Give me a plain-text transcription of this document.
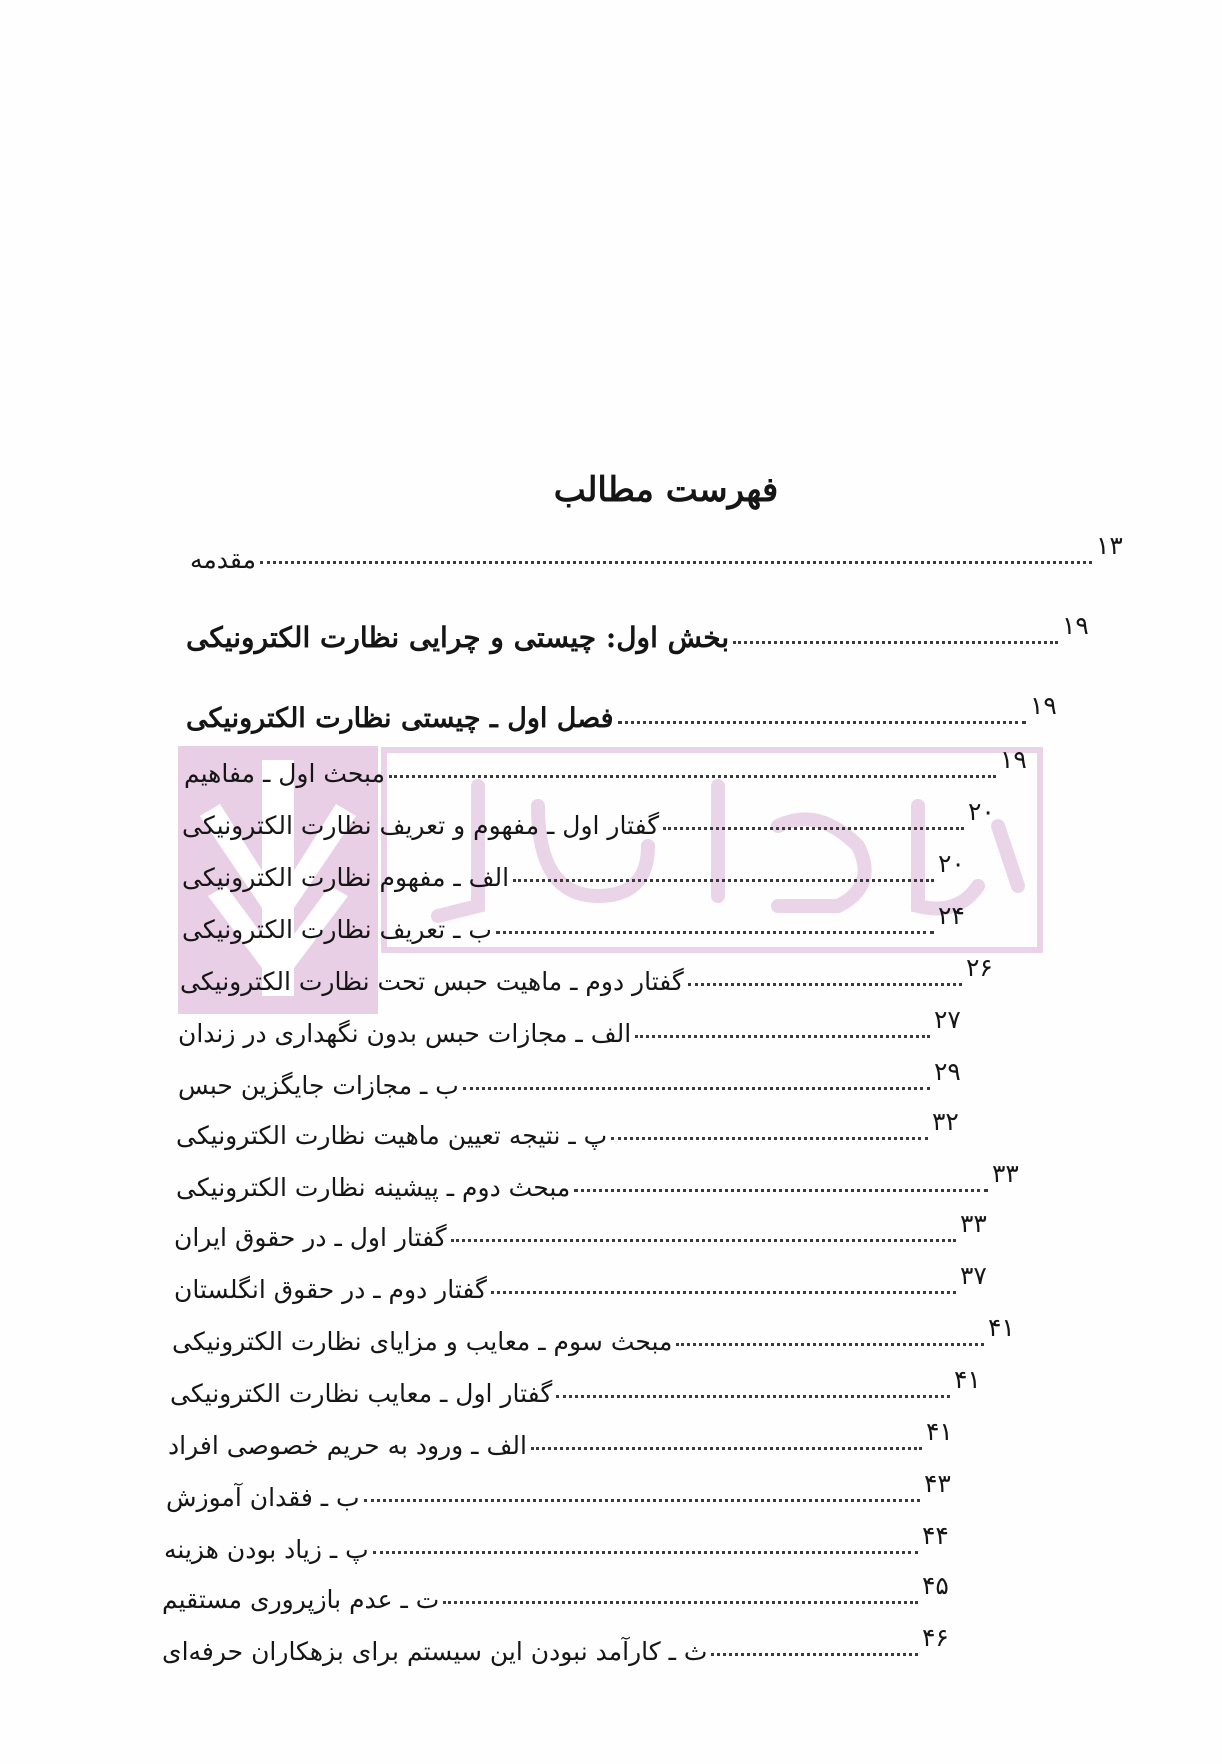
فهرست مطالب
مقدمه	۱۳
بخش اول: چیستی و چرایی نظارت الکترونیکی	۱۹
فصل اول ـ چیستی نظارت الکترونیکی	۱۹
مبحث اول ـ مفاهیم	۱۹
گفتار اول ـ مفهوم و تعریف نظارت الکترونیکی	۲۰
الف ـ مفهوم نظارت الکترونیکی	۲۰
ب ـ تعریف نظارت الکترونیکی	۲۴
گفتار دوم ـ ماهیت حبس تحت نظارت الکترونیکی	۲۶
الف ـ مجازات حبس بدون نگهداری در زندان	۲۷
ب ـ مجازات جایگزین حبس	۲۹
پ ـ نتیجه تعیین ماهیت نظارت الکترونیکی	۳۲
مبحث دوم ـ پیشینه نظارت الکترونیکی	۳۳
گفتار اول ـ در حقوق ایران	۳۳
گفتار دوم ـ در حقوق انگلستان	۳۷
مبحث سوم ـ معایب و مزایای نظارت الکترونیکی	۴۱
گفتار اول ـ معایب نظارت الکترونیکی	۴۱
الف ـ ورود به حریم خصوصی افراد	۴۱
ب ـ فقدان آموزش	۴۳
پ ـ زیاد بودن هزینه	۴۴
ت ـ عدم بازپروری مستقیم	۴۵
ث ـ کارآمد نبودن این سیستم برای بزهکاران حرفه‌ای	۴۶
